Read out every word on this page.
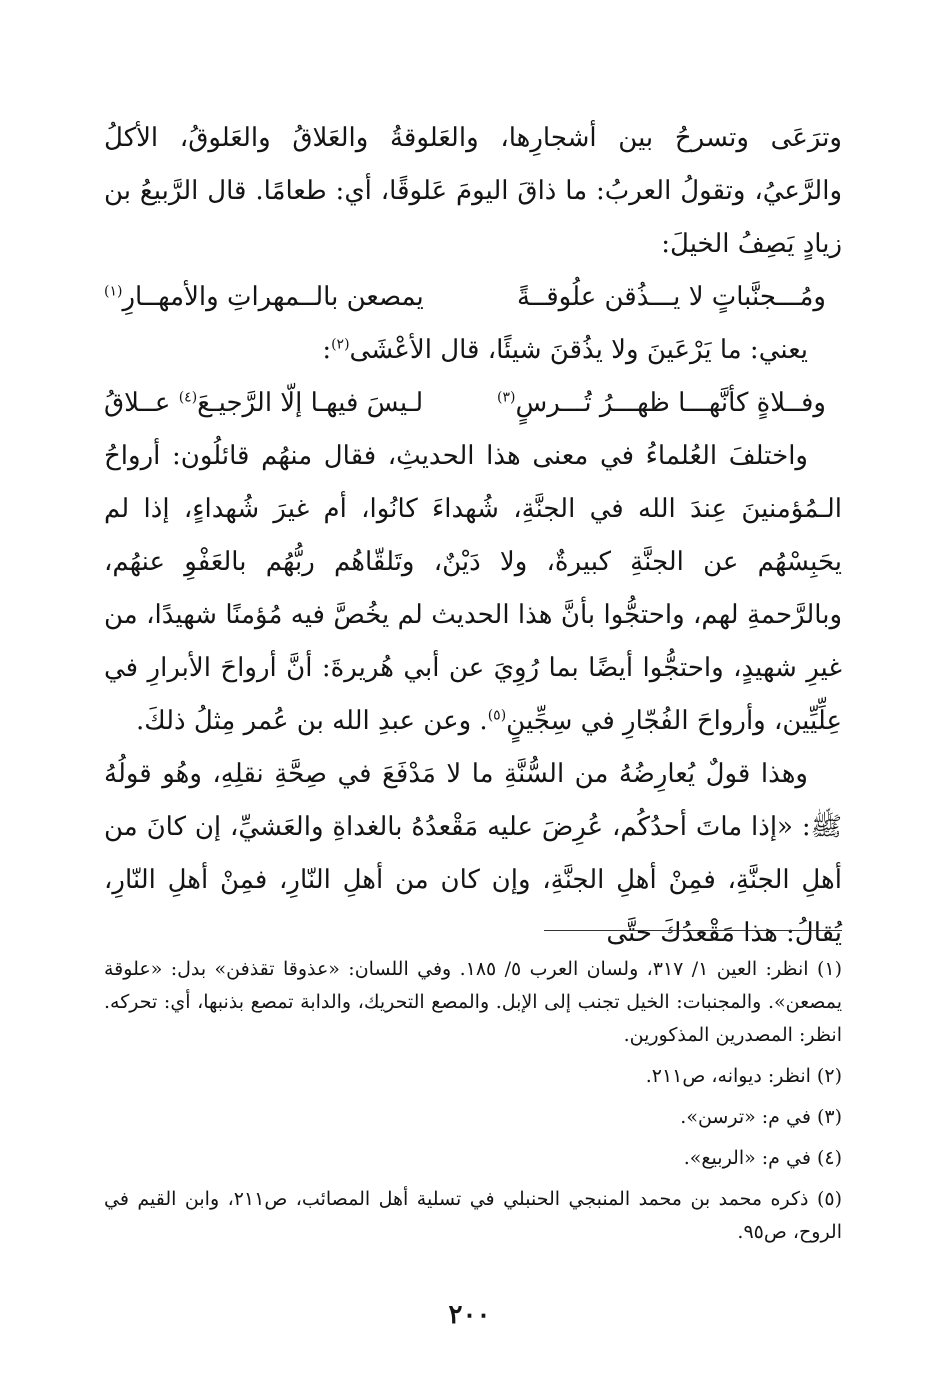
وترَعَى وتسرحُ بين أشجارِها، والعَلوقةُ والعَلاقُ والعَلوقُ، الأكلُ والرَّعيُ، وتقولُ العربُ: ما ذاقَ اليومَ عَلوقًا، أي: طعامًا. قال الرَّبيعُ بن زيادٍ يَصِفُ الخيلَ:

ومُـــجنَّباتٍ لا يـــذُقن علُوقــةً
يمصعن بالــمهراتِ والأمهــارِ$^{(١)}$

يعني: ما يَرْعَينَ ولا يذُقنَ شيئًا، قال الأعْشَى$^{(٢)}$:

وفــلاةٍ كأنَّهـــا ظهـــرُ تُـــرسٍ$^{(٣)}$
لـيسَ فيهـا إلّا الرَّجيـعَ$^{(٤)}$ عــلاقُ

واختلفَ العُلماءُ في معنى هذا الحديثِ، فقال منهُم قائلُون: أرواحُ الـمُؤمنينَ عِندَ الله في الجنَّةِ، شُهداءَ كانُوا، أم غيرَ شُهداءٍ، إذا لم يحَبِسْهُم عن الجنَّةِ كبيرةٌ، ولا دَيْنٌ، وتَلقّاهُم ربُّهُم بالعَفْوِ عنهُم، وبالرَّحمةِ لهم، واحتجُّوا بأنَّ هذا الحديث لم يخُصَّ فيه مُؤمنًا شهيدًا، من غيرِ شهيدٍ، واحتجُّوا أيضًا بما رُوِيَ عن أبي هُريرةَ: أنَّ أرواحَ الأبرارِ في عِلِّيِّين، وأرواحَ الفُجّارِ في سِجِّينٍ$^{(٥)}$. وعن عبدِ الله بن عُمر مِثلُ ذلكَ.

وهذا قولٌ يُعارِضُهُ من السُّنَّةِ ما لا مَدْفَعَ في صِحَّةِ نقلِهِ، وهُو قولُهُ ﷺ: «إذا ماتَ أحدُكُم، عُرِضَ عليه مَقْعدُهُ بالغداةِ والعَشيِّ، إن كانَ من أهلِ الجنَّةِ، فمِنْ أهلِ الجنَّةِ، وإن كان من أهلِ النّارِ، فمِنْ أهلِ النّارِ، يُقالُ: هذا مَقْعدُكَ حتَّى

(١) انظر: العين ١/ ٣١٧، ولسان العرب ٥/ ١٨٥. وفي اللسان: «عذوقا تقذفن» بدل: «علوقة يمصعن». والمجنبات: الخيل تجنب إلى الإبل. والمصع التحريك، والدابة تمصع بذنبها، أي: تحركه. انظر: المصدرين المذكورين.

(٢) انظر: ديوانه، ص٢١١.

(٣) في م: «ترسن».

(٤) في م: «الربيع».

(٥) ذكره محمد بن محمد المنبجي الحنبلي في تسلية أهل المصائب، ص٢١١، وابن القيم في الروح، ص٩٥.

٢٠٠
